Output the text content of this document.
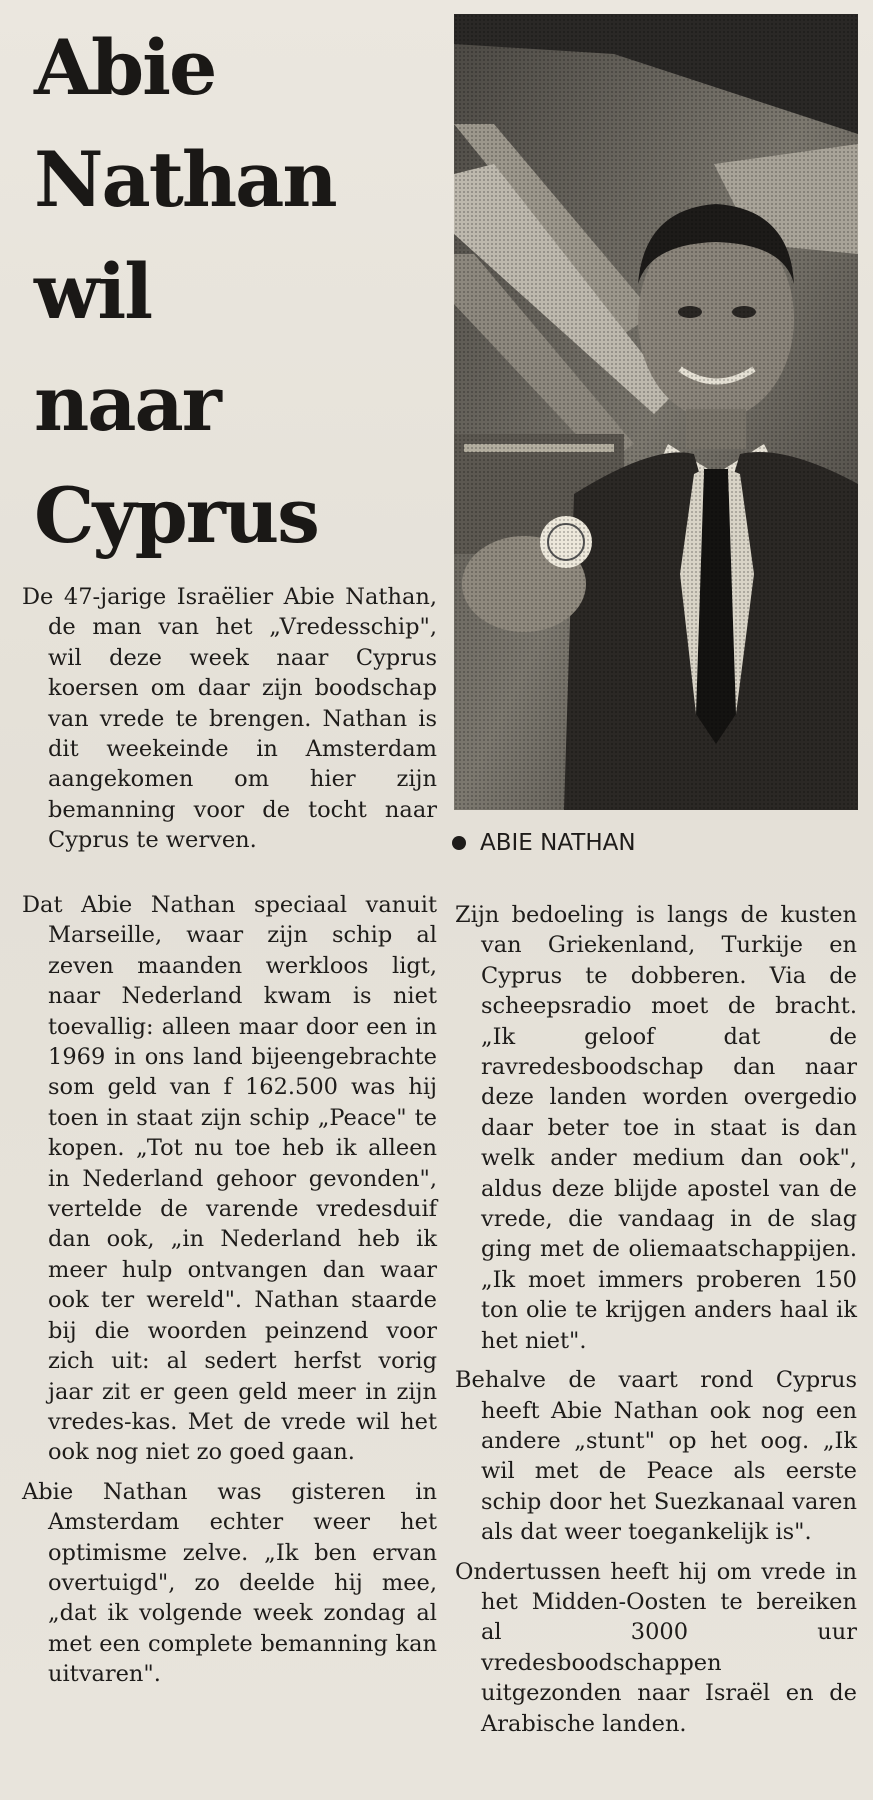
Abie
Nathan
wil
naar
Cyprus
ABIE NATHAN

De 47-jarige Israëlier Abie Nathan, de man van het „Vredesschip", wil deze week naar Cyprus koersen om daar zijn boodschap van vrede te brengen. Nathan is dit weekeinde in Amsterdam aangekomen om hier zijn bemanning voor de tocht naar Cyprus te werven.

Dat Abie Nathan speciaal vanuit Marseille, waar zijn schip al zeven maanden werkloos ligt, naar Nederland kwam is niet toevallig: alleen maar door een in 1969 in ons land bijeengebrachte som geld van f 162.500 was hij toen in staat zijn schip „Peace" te kopen. „Tot nu toe heb ik alleen in Nederland gehoor gevonden", vertelde de varende vredesduif dan ook, „in Nederland heb ik meer hulp ontvangen dan waar ook ter wereld". Nathan staarde bij die woorden peinzend voor zich uit: al sedert herfst vorig jaar zit er geen geld meer in zijn vredes-kas. Met de vrede wil het ook nog niet zo goed gaan.

Abie Nathan was gisteren in Amsterdam echter weer het optimisme zelve. „Ik ben ervan overtuigd", zo deelde hij mee, „dat ik volgende week zondag al met een complete bemanning kan uitvaren".

Zijn bedoeling is langs de kusten van Griekenland, Turkije en Cyprus te dobberen. Via de scheepsradio moet de bracht. „Ik geloof dat de ravredesboodschap dan naar deze landen worden overgedio daar beter toe in staat is dan welk ander medium dan ook", aldus deze blijde apostel van de vrede, die vandaag in de slag ging met de oliemaatschappijen. „Ik moet immers proberen 150 ton olie te krijgen anders haal ik het niet".

Behalve de vaart rond Cyprus heeft Abie Nathan ook nog een andere „stunt" op het oog. „Ik wil met de Peace als eerste schip door het Suezkanaal varen als dat weer toegankelijk is".

Ondertussen heeft hij om vrede in het Midden-Oosten te bereiken al 3000 uur vredesboodschappen uitgezonden naar Israël en de Arabische landen.
